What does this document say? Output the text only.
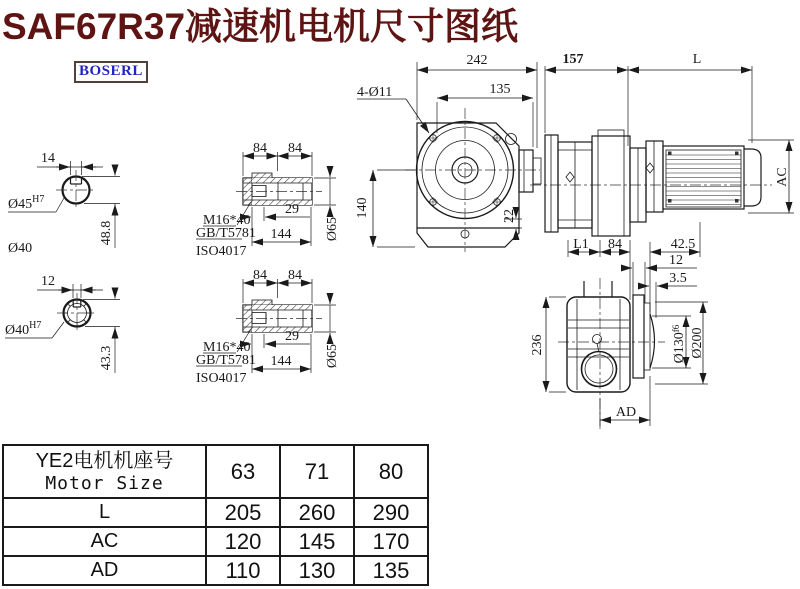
SAF67R37减速机电机尺寸图纸
BOSERL
14
$Ø45^{H7}$
48.8
Ø40
12
$Ø40^{H7}$
43.3
84 84
29
144 Ø65
M16*40
GB/T5781
ISO4017
84 84
29
144 Ø65
M16*40
GB/T5781
ISO4017
242
135
4-Ø11
140	22
157	L
AC
L1 84	42.5
12
3.5
236	$Ø130^{f6}$ Ø200
AD
YE2电机机座号
Motor Size	63	71	80
L	205	260	290
AC	120	145	170
AD	110	130	135
